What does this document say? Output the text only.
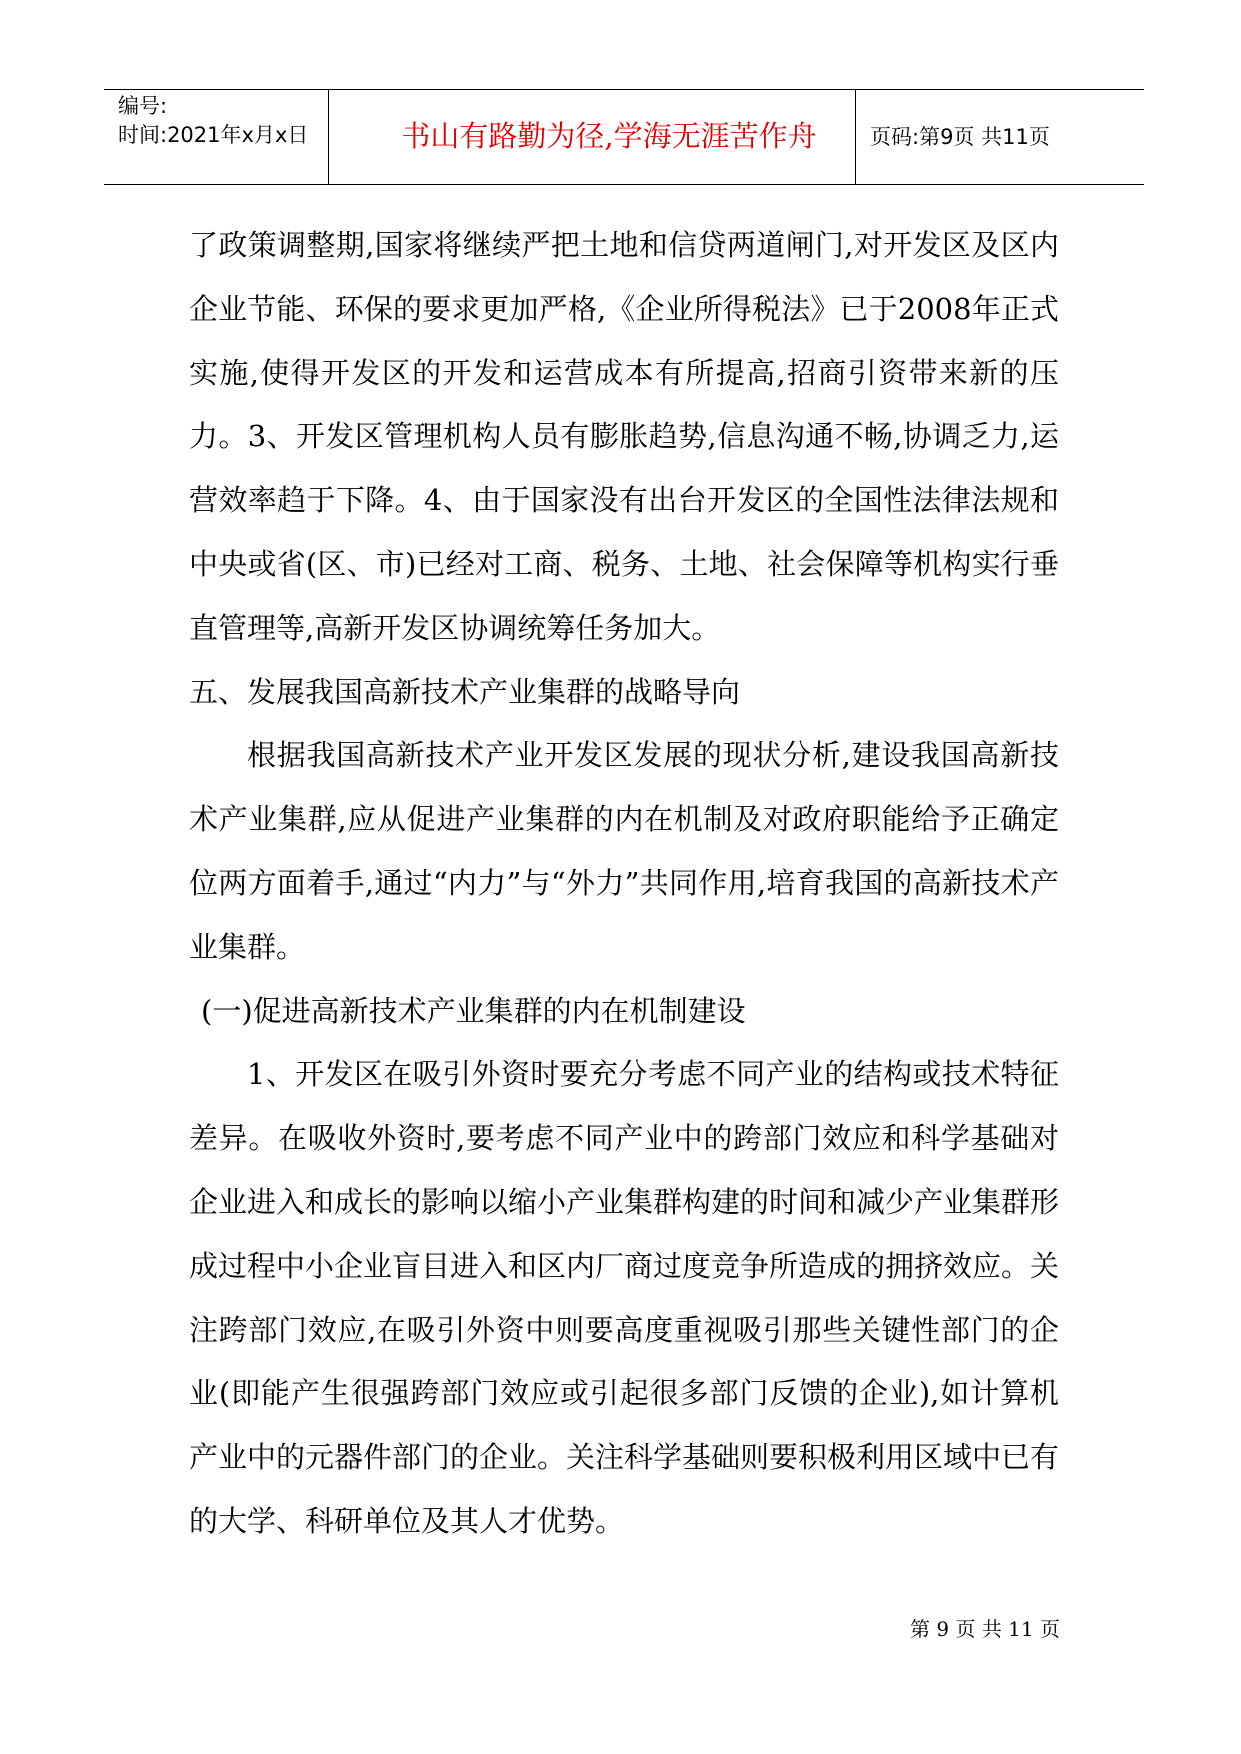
编号:
时间:2021年x月x日	书山有路勤为径,学海无涯苦作舟	页码:第9页 共11页

了政策调整期,国家将继续严把土地和信贷两道闸门,对开发区及区内企业节能、环保的要求更加严格,《企业所得税法》已于2008年正式实施,使得开发区的开发和运营成本有所提高,招商引资带来新的压力。3、开发区管理机构人员有膨胀趋势,信息沟通不畅,协调乏力,运营效率趋于下降。4、由于国家没有出台开发区的全国性法律法规和中央或省(区、市)已经对工商、税务、土地、社会保障等机构实行垂直管理等,高新开发区协调统筹任务加大。

五、发展我国高新技术产业集群的战略导向

根据我国高新技术产业开发区发展的现状分析,建设我国高新技术产业集群,应从促进产业集群的内在机制及对政府职能给予正确定位两方面着手,通过“内力”与“外力”共同作用,培育我国的高新技术产业集群。

(一)促进高新技术产业集群的内在机制建设

1、开发区在吸引外资时要充分考虑不同产业的结构或技术特征差异。在吸收外资时,要考虑不同产业中的跨部门效应和科学基础对企业进入和成长的影响以缩小产业集群构建的时间和减少产业集群形成过程中小企业盲目进入和区内厂商过度竞争所造成的拥挤效应。关注跨部门效应,在吸引外资中则要高度重视吸引那些关键性部门的企业(即能产生很强跨部门效应或引起很多部门反馈的企业),如计算机产业中的元器件部门的企业。关注科学基础则要积极利用区域中已有的大学、科研单位及其人才优势。

第 9 页 共 11 页
